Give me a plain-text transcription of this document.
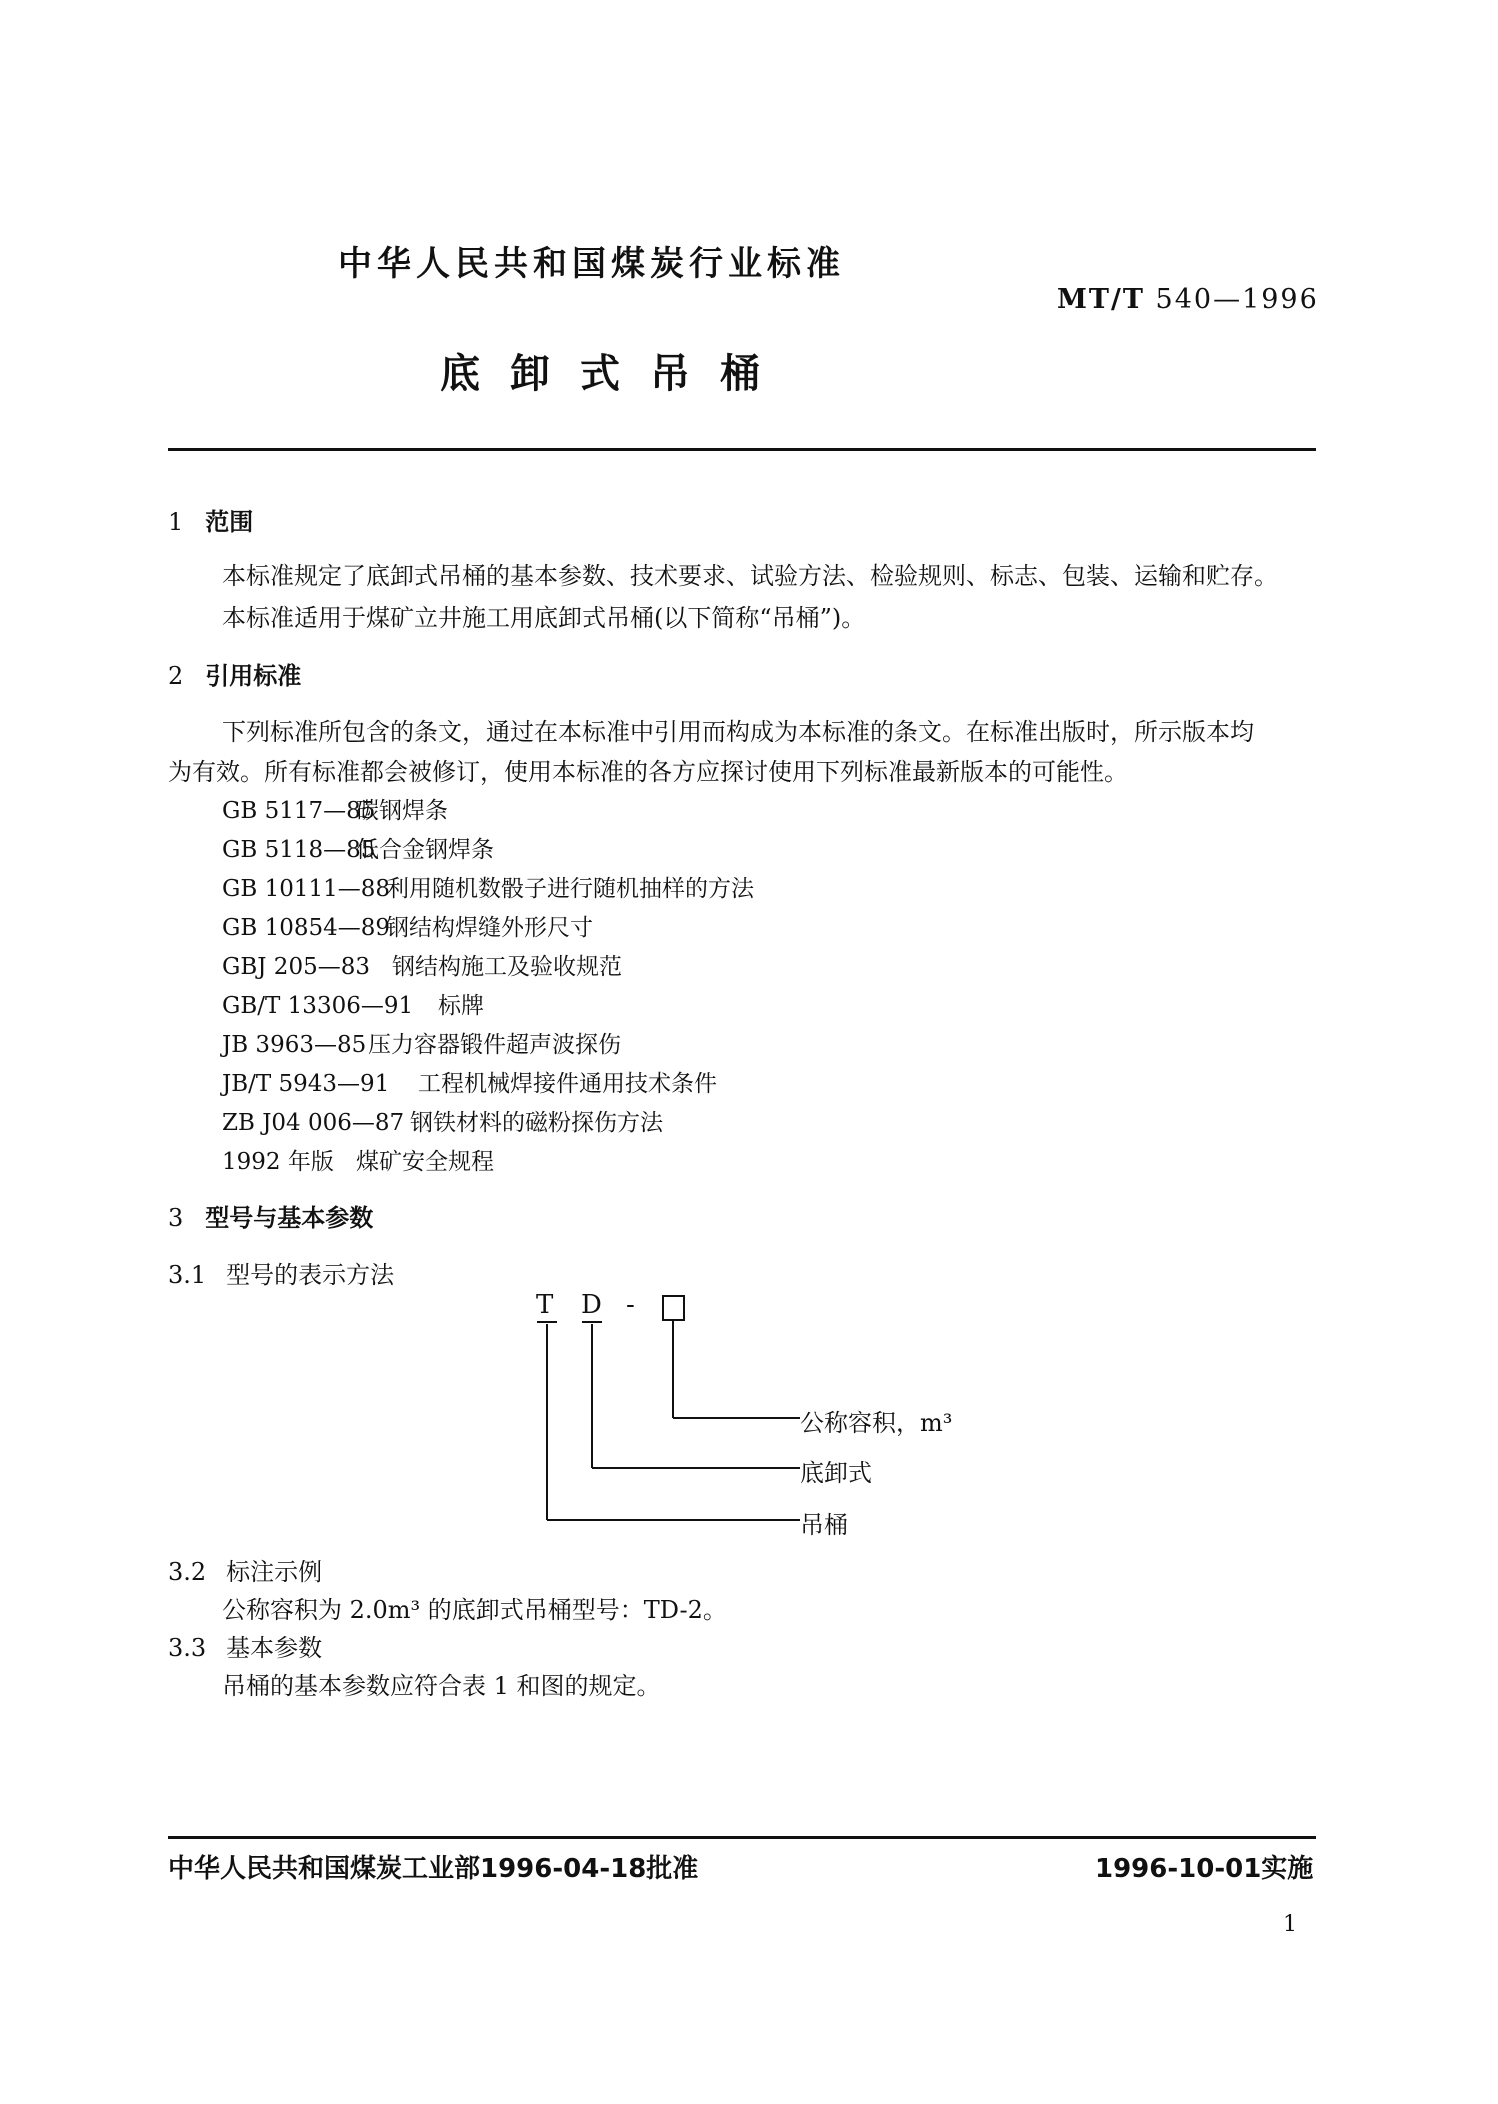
中华人民共和国煤炭行业标准
MT/T 540—1996
底卸式吊桶
1 范围
本标准规定了底卸式吊桶的基本参数、技术要求、试验方法、检验规则、标志、包装、运输和贮存。
本标准适用于煤矿立井施工用底卸式吊桶(以下简称“吊桶”)。
2 引用标准
下列标准所包含的条文，通过在本标准中引用而构成为本标准的条文。在标准出版时，所示版本均
为有效。所有标准都会被修订，使用本标准的各方应探讨使用下列标准最新版本的可能性。
GB 5117—85碳钢焊条
GB 5118—85低合金钢焊条
GB 10111—88利用随机数骰子进行随机抽样的方法
GB 10854—89钢结构焊缝外形尺寸
GBJ 205—83 钢结构施工及验收规范
GB/T 13306—91 标牌
JB 3963—85压力容器锻件超声波探伤
JB/T 5943—91 工程机械焊接件通用技术条件
ZB J04 006—87 钢铁材料的磁粉探伤方法
1992 年版 煤矿安全规程
3 型号与基本参数
3.1 型号的表示方法
T D -
公称容积，m³
底卸式
吊桶
3.2 标注示例
公称容积为 2.0m³ 的底卸式吊桶型号：TD-2。
3.3 基本参数
吊桶的基本参数应符合表 1 和图的规定。
中华人民共和国煤炭工业部1996-04-18批准	1996-10-01实施
1
